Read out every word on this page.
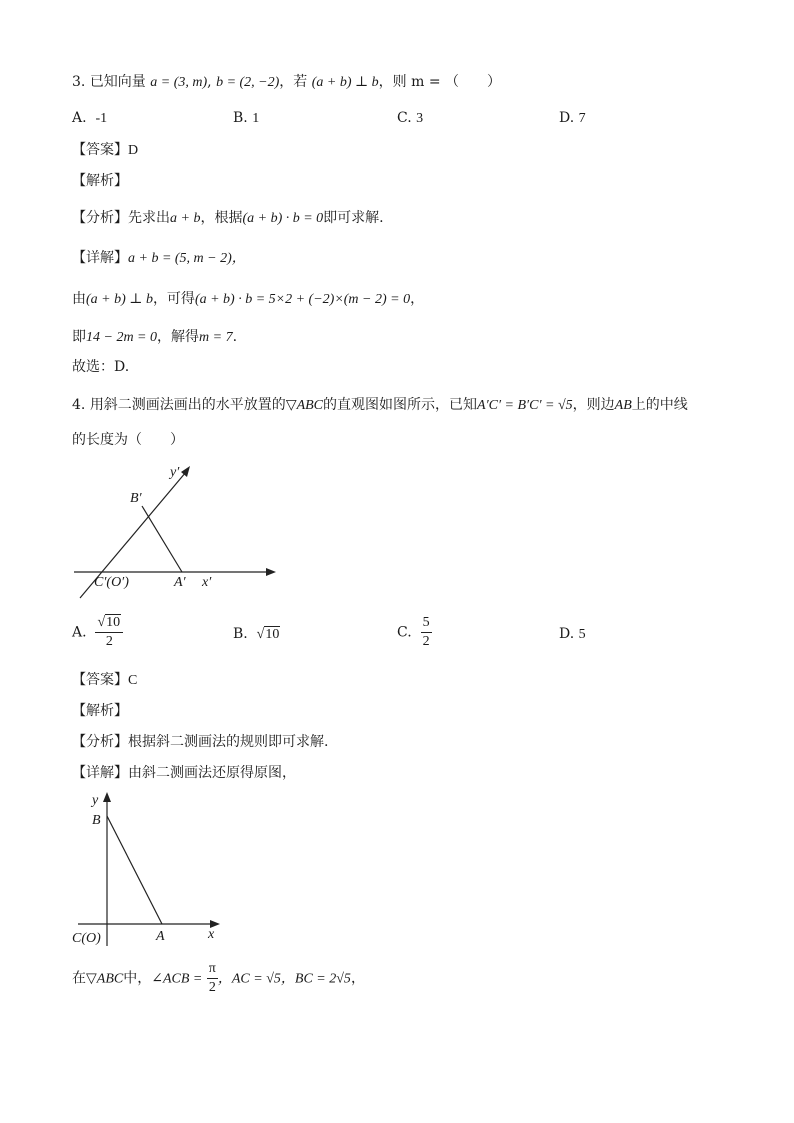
3. 已知向量 a = (3, m), b = (2, −2)，若 (a + b) ⊥ b，则 m = （　　）
A. -1	B. 1	C. 3	D. 7
【答案】D
【解析】
【分析】先求出a + b，根据(a + b) · b = 0即可求解.
【详解】a + b = (5, m − 2)，
由(a + b) ⊥ b，可得(a + b) · b = 5×2 + (−2)×(m − 2) = 0，
即14 − 2m = 0，解得m = 7.
故选：D.
4. 用斜二测画法画出的水平放置的▽ABC的直观图如图所示，已知A′C′ = B′C′ = √5，则边AB上的中线
的长度为（　　）
y′
B′
C′(O′)	A′ x′
A. $\frac{√10}{2}$	B. √10	C. $\frac{5}{2}$	D. 5
【答案】C
【解析】
【分析】根据斜二测画法的规则即可求解.
【详解】由斜二测画法还原得原图，
y
B
C(O)	A	x
在▽ABC中，∠ACB = $\frac{\pi}{2}$ ，AC = √5，BC = 2√5，
